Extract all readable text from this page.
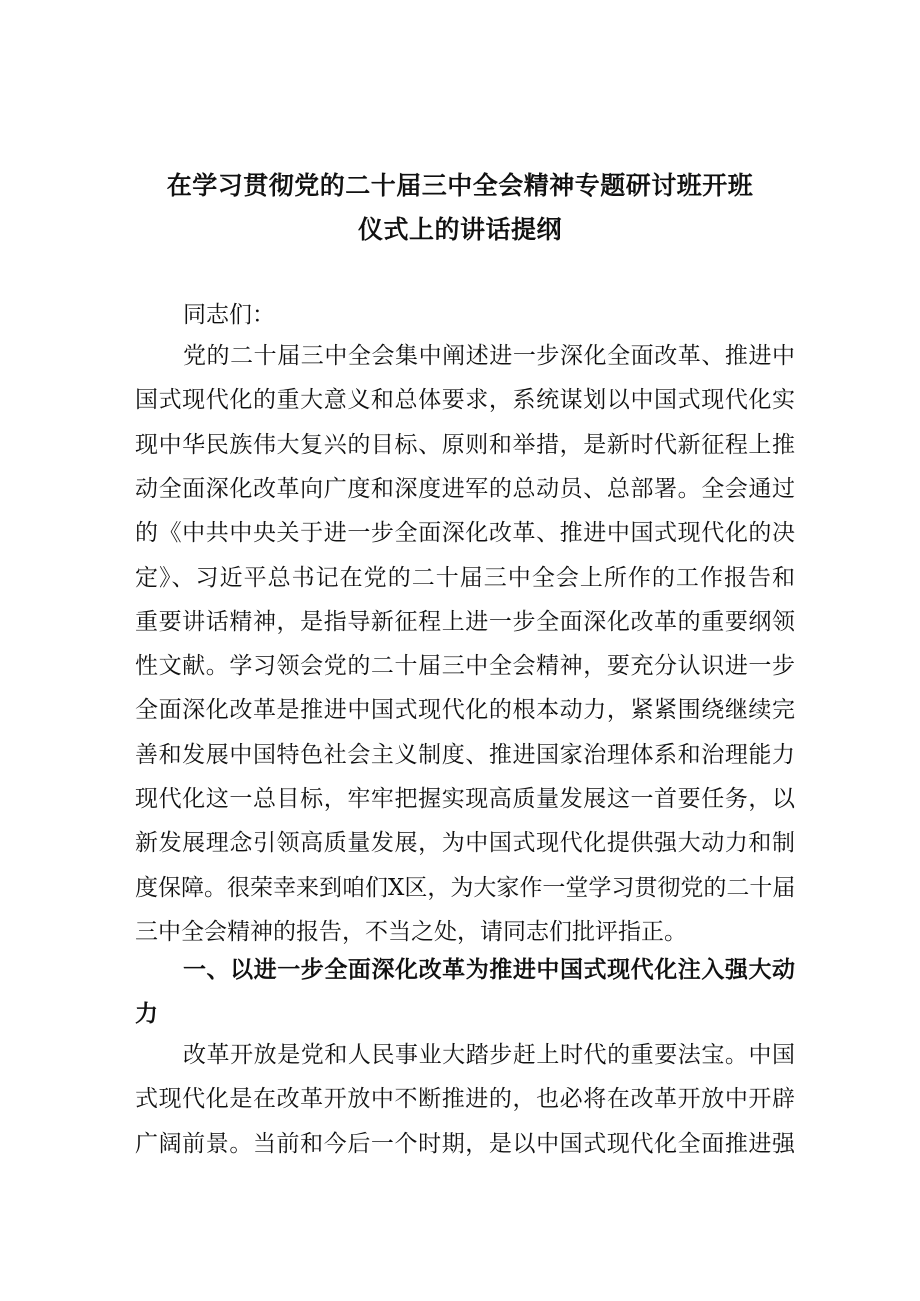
在学习贯彻党的二十届三中全会精神专题研讨班开班
仪式上的讲话提纲
同志们：
党的二十届三中全会集中阐述进一步深化全面改革、推进中
国式现代化的重大意义和总体要求，系统谋划以中国式现代化实
现中华民族伟大复兴的目标、原则和举措，是新时代新征程上推
动全面深化改革向广度和深度进军的总动员、总部署。全会通过
的《中共中央关于进一步全面深化改革、推进中国式现代化的决
定》、习近平总书记在党的二十届三中全会上所作的工作报告和
重要讲话精神，是指导新征程上进一步全面深化改革的重要纲领
性文献。学习领会党的二十届三中全会精神，要充分认识进一步
全面深化改革是推进中国式现代化的根本动力，紧紧围绕继续完
善和发展中国特色社会主义制度、推进国家治理体系和治理能力
现代化这一总目标，牢牢把握实现高质量发展这一首要任务，以
新发展理念引领高质量发展，为中国式现代化提供强大动力和制
度保障。很荣幸来到咱们X区，为大家作一堂学习贯彻党的二十届
三中全会精神的报告，不当之处，请同志们批评指正。
一、以进一步全面深化改革为推进中国式现代化注入强大动
力
改革开放是党和人民事业大踏步赶上时代的重要法宝。中国
式现代化是在改革开放中不断推进的，也必将在改革开放中开辟
广阔前景。当前和今后一个时期，是以中国式现代化全面推进强
